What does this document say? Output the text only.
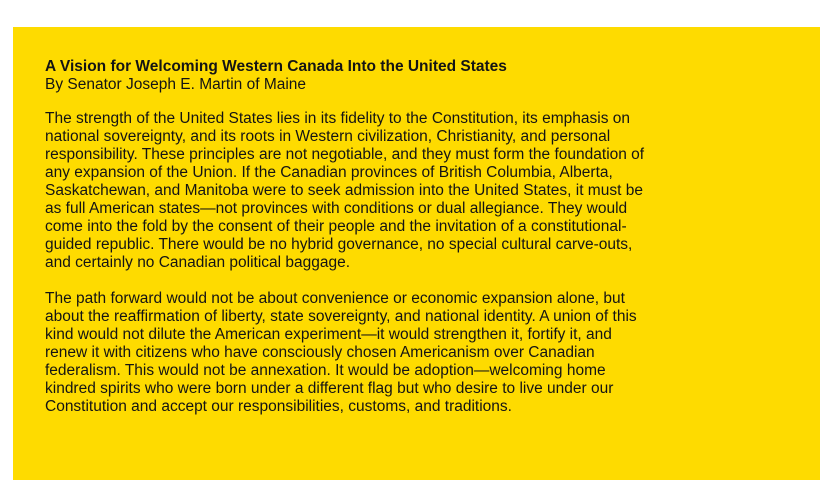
A Vision for Welcoming Western Canada Into the United States

By Senator Joseph E. Martin of Maine

The strength of the United States lies in its fidelity to the Constitution, its emphasis on
national sovereignty, and its roots in Western civilization, Christianity, and personal
responsibility. These principles are not negotiable, and they must form the foundation of
any expansion of the Union. If the Canadian provinces of British Columbia, Alberta,
Saskatchewan, and Manitoba were to seek admission into the United States, it must be
as full American states—not provinces with conditions or dual allegiance. They would
come into the fold by the consent of their people and the invitation of a constitutional-
guided republic. There would be no hybrid governance, no special cultural carve-outs,
and certainly no Canadian political baggage.

The path forward would not be about convenience or economic expansion alone, but
about the reaffirmation of liberty, state sovereignty, and national identity. A union of this
kind would not dilute the American experiment—it would strengthen it, fortify it, and
renew it with citizens who have consciously chosen Americanism over Canadian
federalism. This would not be annexation. It would be adoption—welcoming home
kindred spirits who were born under a different flag but who desire to live under our
Constitution and accept our responsibilities, customs, and traditions.
